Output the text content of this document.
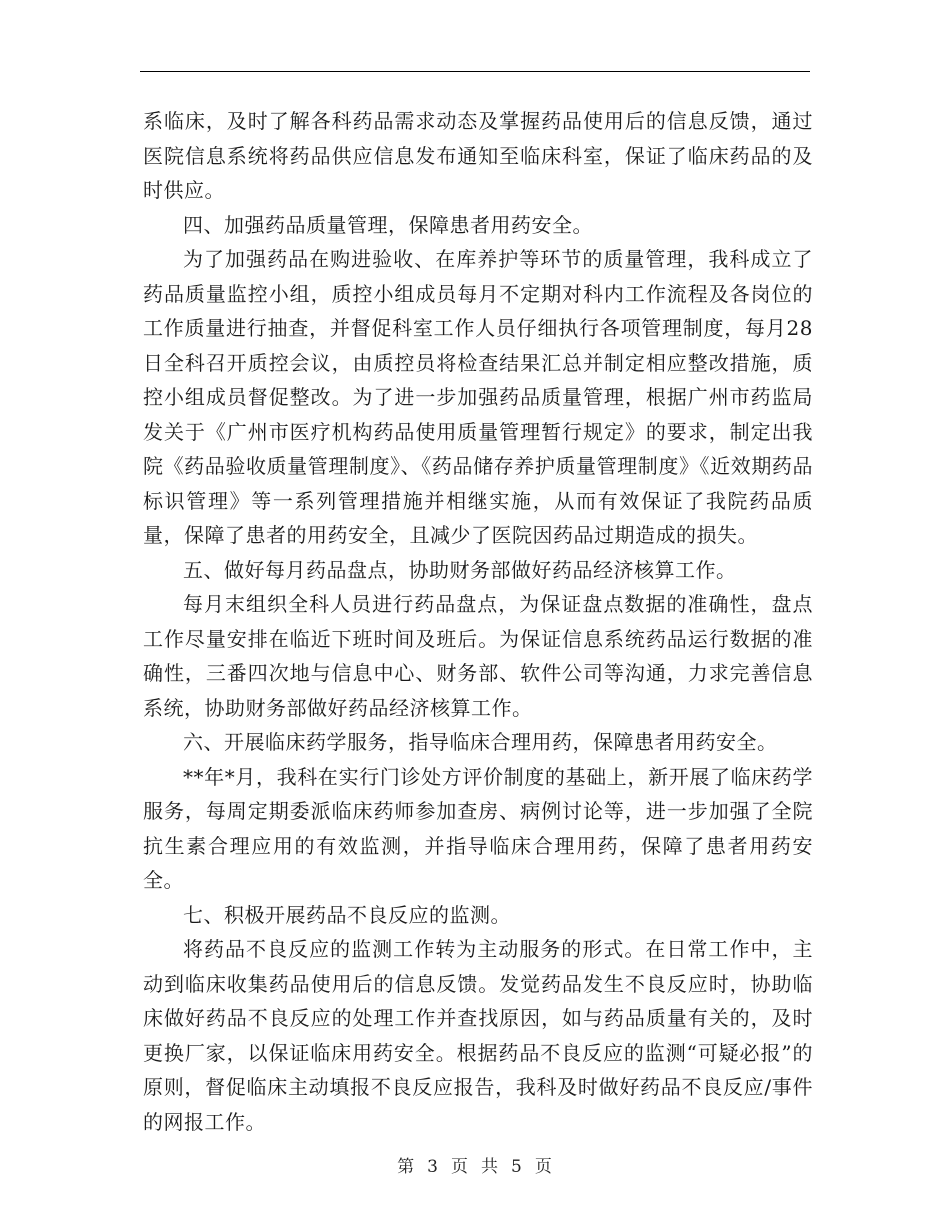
系临床，及时了解各科药品需求动态及掌握药品使用后的信息反馈，通过医院信息系统将药品供应信息发布通知至临床科室，保证了临床药品的及时供应。

四、加强药品质量管理，保障患者用药安全。

为了加强药品在购进验收、在库养护等环节的质量管理，我科成立了药品质量监控小组，质控小组成员每月不定期对科内工作流程及各岗位的工作质量进行抽查，并督促科室工作人员仔细执行各项管理制度，每月28日全科召开质控会议，由质控员将检查结果汇总并制定相应整改措施，质控小组成员督促整改。为了进一步加强药品质量管理，根据广州市药监局发关于《广州市医疗机构药品使用质量管理暂行规定》的要求，制定出我院《药品验收质量管理制度》、《药品储存养护质量管理制度》《近效期药品标识管理》等一系列管理措施并相继实施，从而有效保证了我院药品质量，保障了患者的用药安全，且减少了医院因药品过期造成的损失。

五、做好每月药品盘点，协助财务部做好药品经济核算工作。

每月末组织全科人员进行药品盘点，为保证盘点数据的准确性，盘点工作尽量安排在临近下班时间及班后。为保证信息系统药品运行数据的准确性，三番四次地与信息中心、财务部、软件公司等沟通，力求完善信息系统，协助财务部做好药品经济核算工作。

六、开展临床药学服务，指导临床合理用药，保障患者用药安全。

**年*月，我科在实行门诊处方评价制度的基础上，新开展了临床药学服务，每周定期委派临床药师参加查房、病例讨论等，进一步加强了全院抗生素合理应用的有效监测，并指导临床合理用药，保障了患者用药安全。

七、积极开展药品不良反应的监测。

将药品不良反应的监测工作转为主动服务的形式。在日常工作中，主动到临床收集药品使用后的信息反馈。发觉药品发生不良反应时，协助临床做好药品不良反应的处理工作并查找原因，如与药品质量有关的，及时更换厂家，以保证临床用药安全。根据药品不良反应的监测“可疑必报”的原则，督促临床主动填报不良反应报告，我科及时做好药品不良反应/事件的网报工作。

第 3 页 共 5 页
